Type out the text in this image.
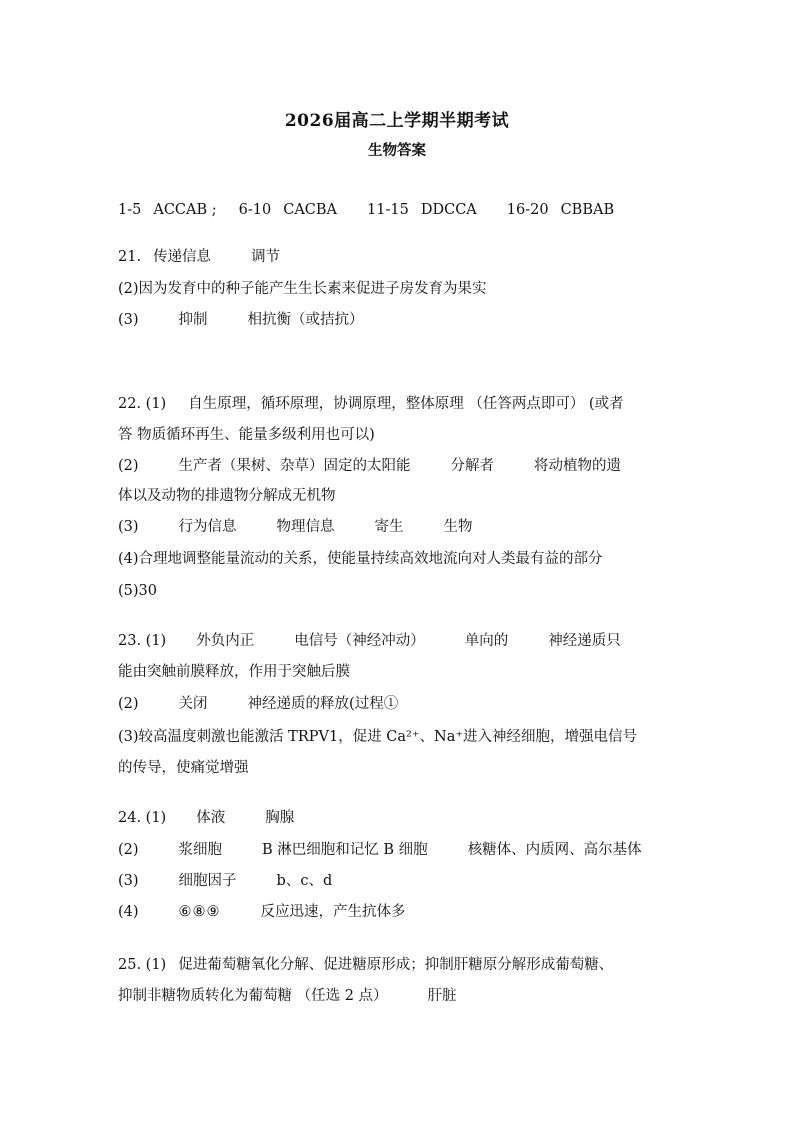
2026届高二上学期半期考试
生物答案
1-5 ACCAB ; 6-10 CACBA 11-15 DDCCA 16-20 CBBAB
21. 传递信息	调节
(2)因为发育中的种子能产生生长素来促进子房发育为果实
(3)	抑制	相抗衡（或拮抗）
22. (1) 自生原理，循环原理，协调原理，整体原理 （任答两点即可） (或者
答 物质循环再生、能量多级利用也可以)
(2)	生产者（果树、杂草）固定的太阳能	分解者	将动植物的遗
体以及动物的排遗物分解成无机物
(3)	行为信息	物理信息	寄生	生物
(4)合理地调整能量流动的关系，使能量持续高效地流向对人类最有益的部分
(5)30
23. (1) 外负内正	电信号（神经冲动）	单向的	神经递质只
能由突触前膜释放，作用于突触后膜
(2)	关闭	神经递质的释放(过程①
(3)较高温度刺激也能激活 TRPV1，促进 Ca²⁺、Na⁺进入神经细胞，增强电信号
的传导，使痛觉增强
24. (1) 体液	胸腺
(2)	浆细胞	B 淋巴细胞和记忆 B 细胞	核糖体、内质网、高尔基体
(3)	细胞因子	b、c、d
(4)	⑥⑧⑨	反应迅速，产生抗体多
25. (1) 促进葡萄糖氧化分解、促进糖原形成；抑制肝糖原分解形成葡萄糖、
抑制非糖物质转化为葡萄糖 （任选 2 点）	肝脏
